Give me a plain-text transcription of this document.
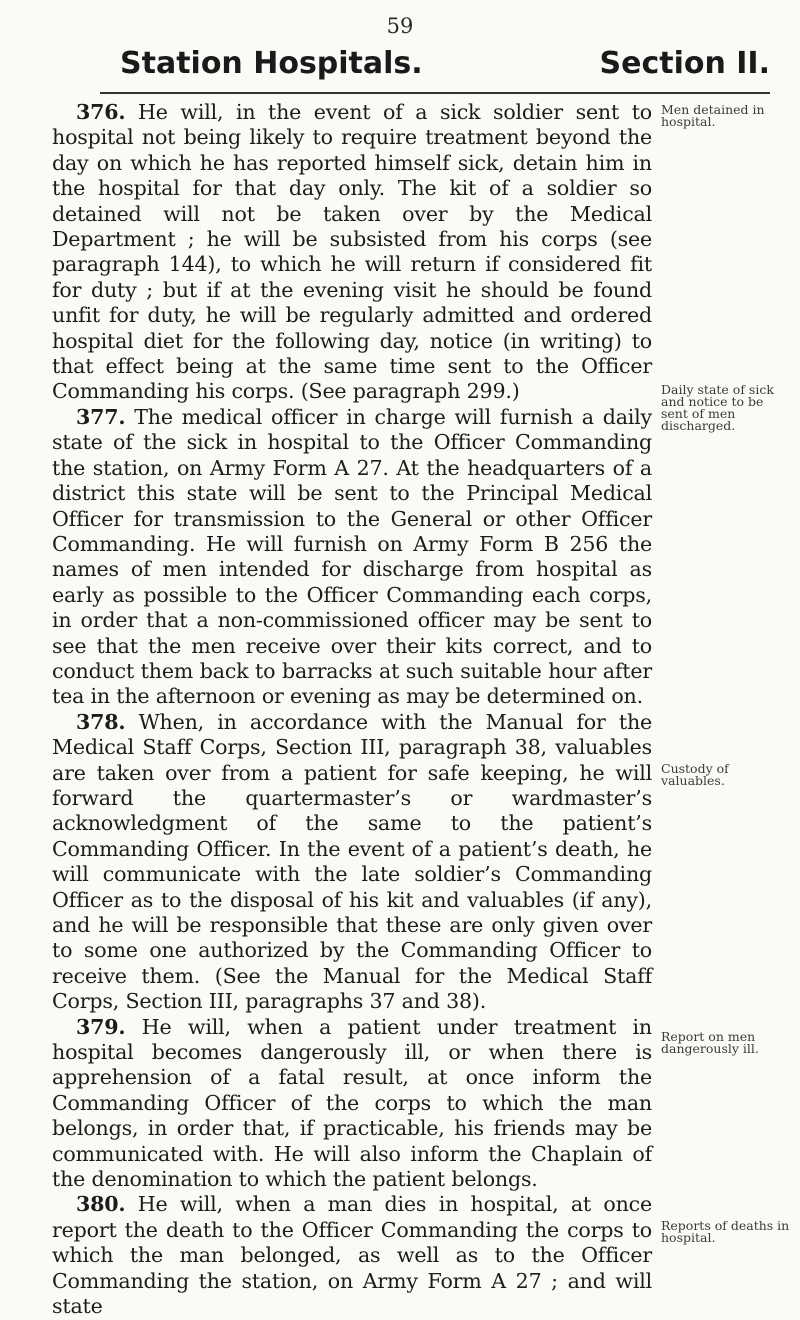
59
Station Hospitals.	Section II.

376. He will, in the event of a sick soldier sent to hospital not being likely to require treatment beyond the day on which he has reported himself sick, detain him in the hospital for that day only. The kit of a soldier so detained will not be taken over by the Medical Department ; he will be subsisted from his corps (see paragraph 144), to which he will return if considered fit for duty ; but if at the evening visit he should be found unfit for duty, he will be regularly admitted and ordered hospital diet for the following day, notice (in writing) to that effect being at the same time sent to the Officer Commanding his corps. (See paragraph 299.)

377. The medical officer in charge will furnish a daily state of the sick in hospital to the Officer Commanding the station, on Army Form A 27. At the headquarters of a district this state will be sent to the Principal Medical Officer for transmission to the General or other Officer Commanding. He will furnish on Army Form B 256 the names of men intended for discharge from hospital as early as possible to the Officer Commanding each corps, in order that a non-commissioned officer may be sent to see that the men receive over their kits correct, and to conduct them back to barracks at such suitable hour after tea in the afternoon or evening as may be determined on.

378. When, in accordance with the Manual for the Medical Staff Corps, Section III, paragraph 38, valuables are taken over from a patient for safe keeping, he will forward the quartermaster’s or wardmaster’s acknowledgment of the same to the patient’s Commanding Officer. In the event of a patient’s death, he will communicate with the late soldier’s Commanding Officer as to the disposal of his kit and valuables (if any), and he will be responsible that these are only given over to some one authorized by the Commanding Officer to receive them. (See the Manual for the Medical Staff Corps, Section III, paragraphs 37 and 38).

379. He will, when a patient under treatment in hospital becomes dangerously ill, or when there is apprehension of a fatal result, at once inform the Commanding Officer of the corps to which the man belongs, in order that, if practicable, his friends may be communicated with. He will also inform the Chaplain of the denomination to which the patient belongs.

380. He will, when a man dies in hospital, at once report the death to the Officer Commanding the corps to which the man belonged, as well as to the Officer Commanding the station, on Army Form A 27 ; and will state

Men detained in hospital.
Daily state of sick and notice to be sent of men discharged.
Custody of valuables.
Report on men dangerously ill.
Reports of deaths in hospital.
